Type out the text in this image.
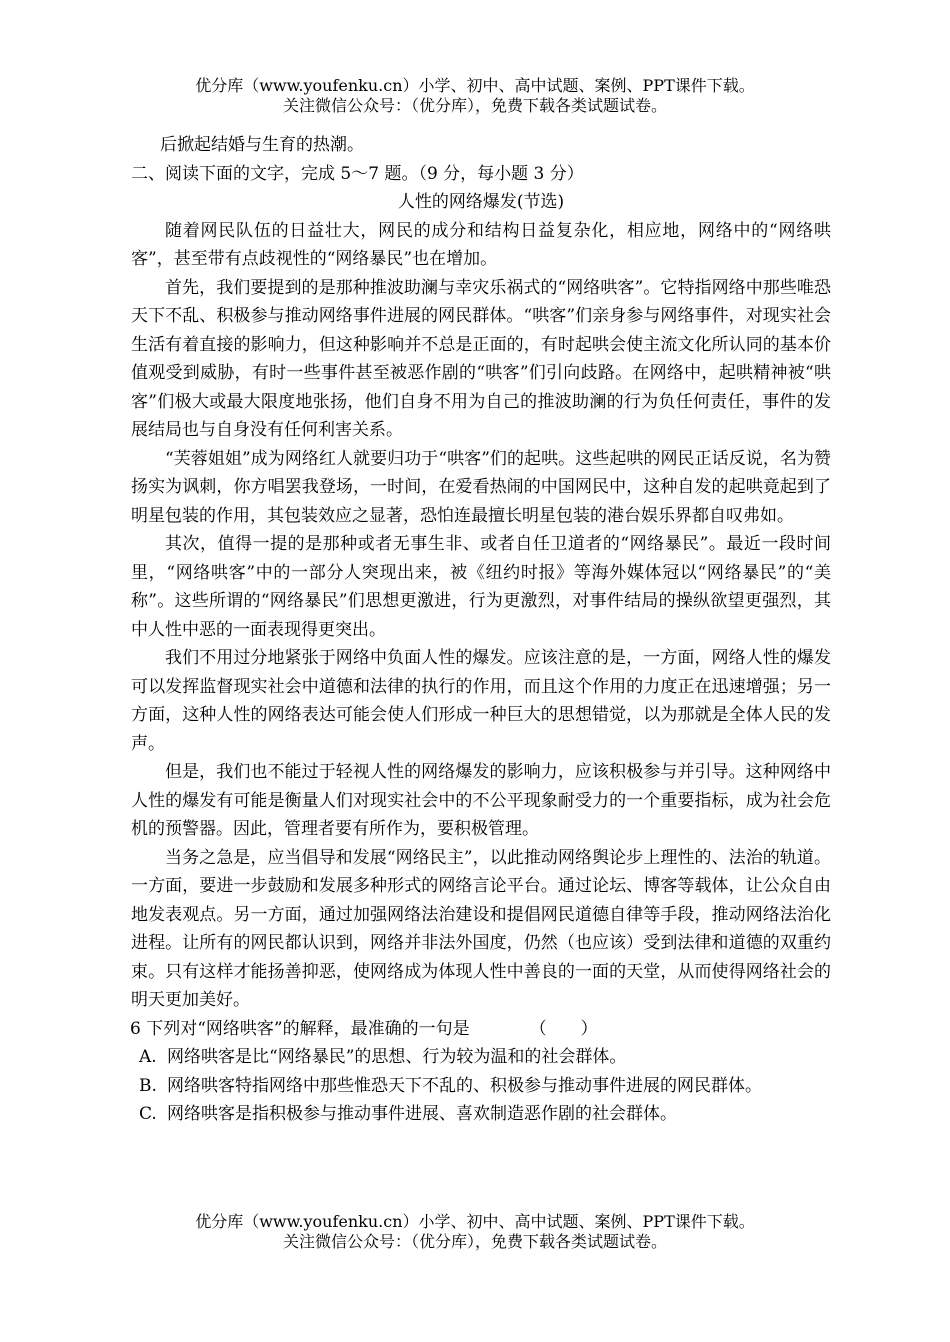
优分库（www.youfenku.cn）小学、初中、高中试题、案例、PPT课件下载。
关注微信公众号：（优分库），免费下载各类试题试卷。
后掀起结婚与生育的热潮。
二、阅读下面的文字，完成 5～7 题。（9 分，每小题 3 分）
人性的网络爆发(节选)
随着网民队伍的日益壮大，网民的成分和结构日益复杂化，相应地，网络中的“网络哄客”，甚至带有点歧视性的“网络暴民”也在增加。
首先，我们要提到的是那种推波助澜与幸灾乐祸式的“网络哄客”。它特指网络中那些唯恐天下不乱、积极参与推动网络事件进展的网民群体。“哄客”们亲身参与网络事件，对现实社会生活有着直接的影响力，但这种影响并不总是正面的，有时起哄会使主流文化所认同的基本价值观受到威胁，有时一些事件甚至被恶作剧的“哄客”们引向歧路。在网络中，起哄精神被“哄客”们极大或最大限度地张扬，他们自身不用为自己的推波助澜的行为负任何责任，事件的发展结局也与自身没有任何利害关系。
“芙蓉姐姐”成为网络红人就要归功于“哄客”们的起哄。这些起哄的网民正话反说，名为赞扬实为讽刺，你方唱罢我登场，一时间，在爱看热闹的中国网民中，这种自发的起哄竟起到了明星包装的作用，其包装效应之显著，恐怕连最擅长明星包装的港台娱乐界都自叹弗如。
其次，值得一提的是那种或者无事生非、或者自任卫道者的“网络暴民”。最近一段时间里，“网络哄客”中的一部分人突现出来，被《纽约时报》等海外媒体冠以“网络暴民”的“美称”。这些所谓的“网络暴民”们思想更激进，行为更激烈，对事件结局的操纵欲望更强烈，其中人性中恶的一面表现得更突出。
我们不用过分地紧张于网络中负面人性的爆发。应该注意的是，一方面，网络人性的爆发可以发挥监督现实社会中道德和法律的执行的作用，而且这个作用的力度正在迅速增强；另一方面，这种人性的网络表达可能会使人们形成一种巨大的思想错觉，以为那就是全体人民的发声。
但是，我们也不能过于轻视人性的网络爆发的影响力，应该积极参与并引导。这种网络中人性的爆发有可能是衡量人们对现实社会中的不公平现象耐受力的一个重要指标，成为社会危机的预警器。因此，管理者要有所作为，要积极管理。
当务之急是，应当倡导和发展“网络民主”，以此推动网络舆论步上理性的、法治的轨道。一方面，要进一步鼓励和发展多种形式的网络言论平台。通过论坛、博客等载体，让公众自由地发表观点。另一方面，通过加强网络法治建设和提倡网民道德自律等手段，推动网络法治化进程。让所有的网民都认识到，网络并非法外国度，仍然（也应该）受到法律和道德的双重约束。只有这样才能扬善抑恶，使网络成为体现人性中善良的一面的天堂，从而使得网络社会的明天更加美好。
6 下列对“网络哄客”的解释，最准确的一句是	（　　）
A. 网络哄客是比“网络暴民”的思想、行为较为温和的社会群体。
B. 网络哄客特指网络中那些惟恐天下不乱的、积极参与推动事件进展的网民群体。
C. 网络哄客是指积极参与推动事件进展、喜欢制造恶作剧的社会群体。
优分库（www.youfenku.cn）小学、初中、高中试题、案例、PPT课件下载。
关注微信公众号：（优分库），免费下载各类试题试卷。
